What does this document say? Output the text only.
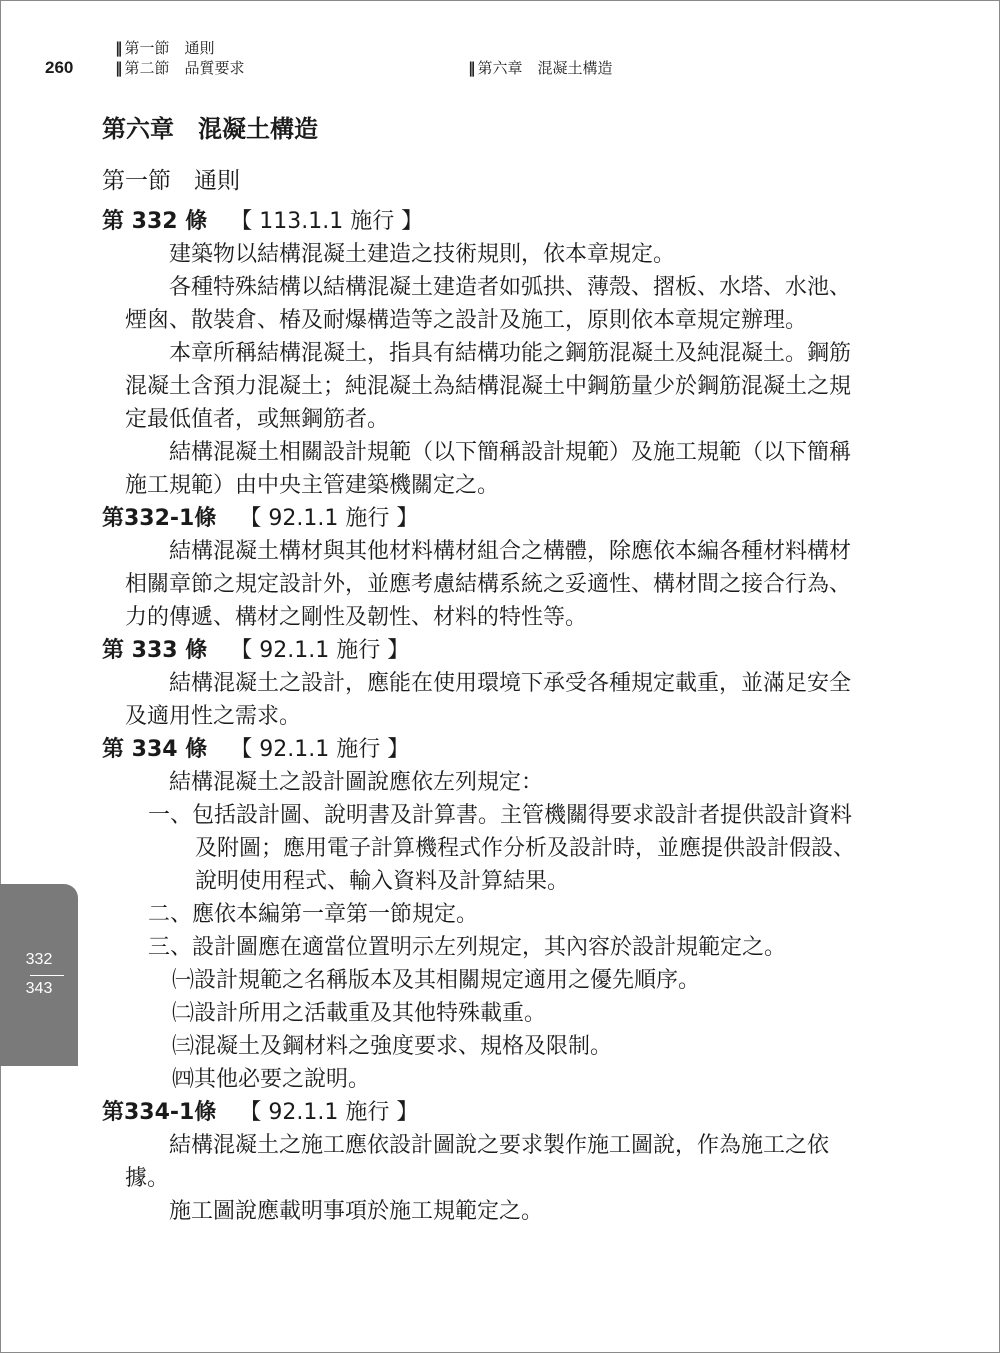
260
‖ 第一節　通則
‖ 第二節　品質要求	‖ 第六章　混凝土構造
332
343
第六章　混凝土構造
第一節　通則
第 332 條 【 113.1.1 施行 】
建築物以結構混凝土建造之技術規則，依本章規定。
各種特殊結構以結構混凝土建造者如弧拱、薄殼、摺板、水塔、水池、煙囪、散裝倉、椿及耐爆構造等之設計及施工，原則依本章規定辦理。
本章所稱結構混凝土，指具有結構功能之鋼筋混凝土及純混凝土。鋼筋混凝土含預力混凝土；純混凝土為結構混凝土中鋼筋量少於鋼筋混凝土之規定最低值者，或無鋼筋者。
結構混凝土相關設計規範（以下簡稱設計規範）及施工規範（以下簡稱施工規範）由中央主管建築機關定之。
第332-1條 【 92.1.1 施行 】
結構混凝土構材與其他材料構材組合之構體，除應依本編各種材料構材相關章節之規定設計外，並應考慮結構系統之妥適性、構材間之接合行為、力的傳遞、構材之剛性及韌性、材料的特性等。
第 333 條 【 92.1.1 施行 】
結構混凝土之設計，應能在使用環境下承受各種規定載重，並滿足安全及適用性之需求。
第 334 條 【 92.1.1 施行 】
結構混凝土之設計圖說應依左列規定：
一、包括設計圖、說明書及計算書。主管機關得要求設計者提供設計資料及附圖；應用電子計算機程式作分析及設計時，並應提供設計假設、說明使用程式、輸入資料及計算結果。
二、應依本編第一章第一節規定。
三、設計圖應在適當位置明示左列規定，其內容於設計規範定之。
㈠設計規範之名稱版本及其相關規定適用之優先順序。
㈡設計所用之活載重及其他特殊載重。
㈢混凝土及鋼材料之強度要求、規格及限制。
㈣其他必要之說明。
第334-1條 【 92.1.1 施行 】
結構混凝土之施工應依設計圖說之要求製作施工圖說，作為施工之依據。
施工圖說應載明事項於施工規範定之。
